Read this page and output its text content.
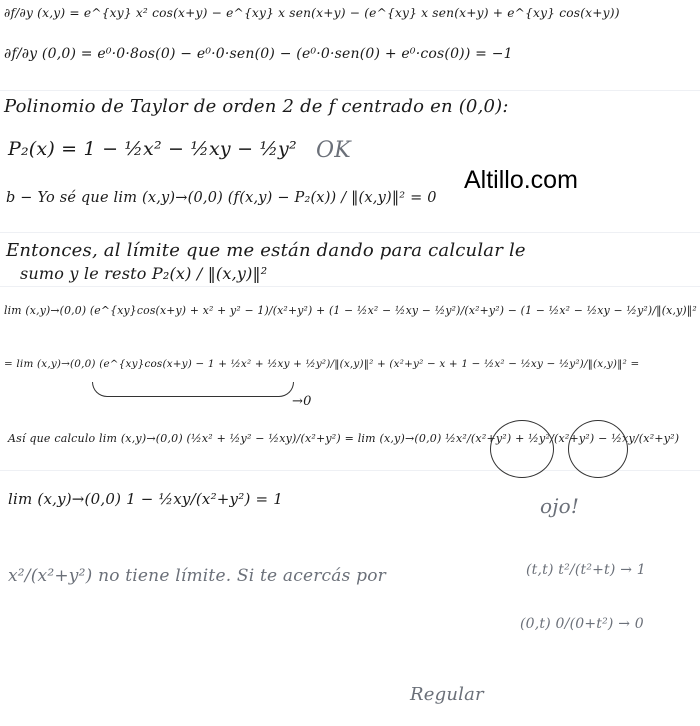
∂f/∂y (x,y) = e^{xy} x² cos(x+y) − e^{xy} x sen(x+y) − (e^{xy} x sen(x+y) + e^{xy} cos(x+y))
∂f/∂y (0,0) = e⁰·0·8os(0) − e⁰·0·sen(0) − (e⁰·0·sen(0) + e⁰·cos(0)) = −1
Polinomio de Taylor de orden 2 de f centrado en (0,0):
P₂(x) = 1 − ½x² − ½xy − ½y² OK
Altillo.com
b − Yo sé que lim (x,y)→(0,0) (f(x,y) − P₂(x)) / ‖(x,y)‖² = 0
Entonces, al límite que me están dando para calcular le
sumo y le resto P₂(x) / ‖(x,y)‖²
lim (x,y)→(0,0) (e^{xy}cos(x+y) + x² + y² − 1)/(x²+y²) + (1 − ½x² − ½xy − ½y²)/(x²+y²) − (1 − ½x² − ½xy − ½y²)/‖(x,y)‖²
= lim (x,y)→(0,0) (e^{xy}cos(x+y) − 1 + ½x² + ½xy + ½y²)/‖(x,y)‖² + (x²+y² − x + 1 − ½x² − ½xy − ½y²)/‖(x,y)‖² =
→0
Así que calculo lim (x,y)→(0,0) (½x² + ½y² − ½xy)/(x²+y²) = lim (x,y)→(0,0) ½x²/(x²+y²) + ½y²/(x²+y²) − ½xy/(x²+y²)
lim (x,y)→(0,0) 1 − ½xy/(x²+y²) = 1	ojo!
x²/(x²+y²) no tiene límite. Si te acercás por	(t,t) t²/(t²+t) → 1
(0,t) 0/(0+t²) → 0
Regular
